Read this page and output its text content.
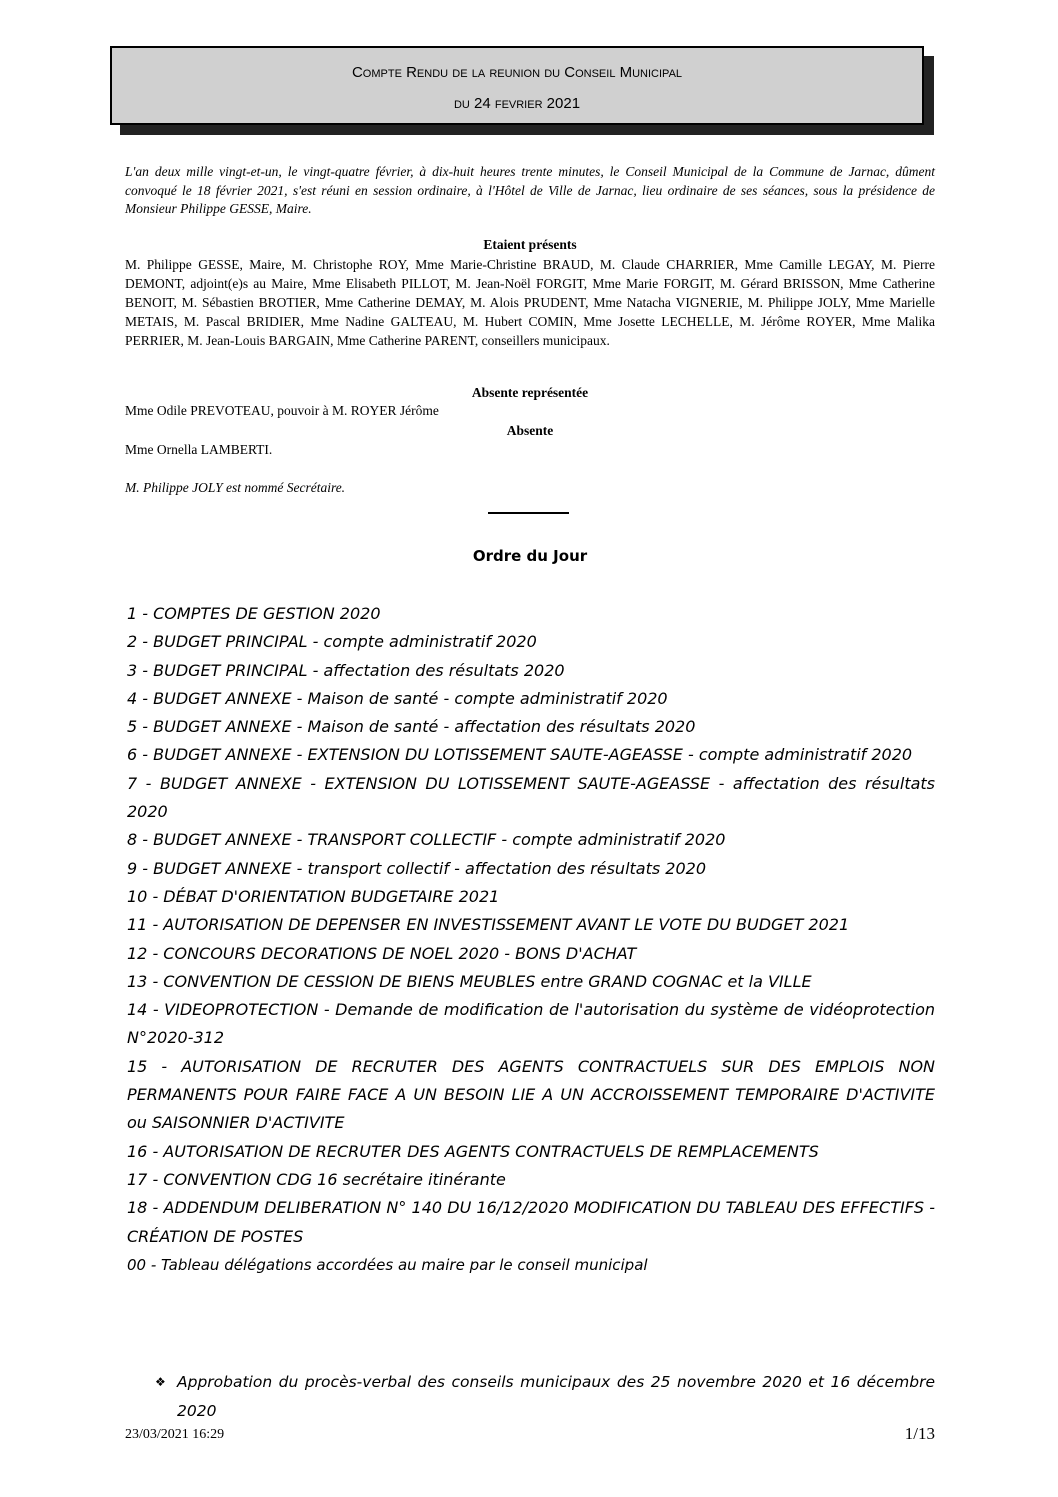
Compte Rendu de la reunion du Conseil Municipal
du 24 fevrier 2021

L'an deux mille vingt-et-un, le vingt-quatre février, à dix-huit heures trente minutes, le Conseil Municipal de la Commune de Jarnac, dûment convoqué le 18 février 2021, s'est réuni en session ordinaire, à l'Hôtel de Ville de Jarnac, lieu ordinaire de ses séances, sous la présidence de Monsieur Philippe GESSE, Maire.

Etaient présents

M. Philippe GESSE, Maire, M. Christophe ROY, Mme Marie-Christine BRAUD, M. Claude CHARRIER, Mme Camille LEGAY, M. Pierre DEMONT, adjoint(e)s au Maire, Mme Elisabeth PILLOT, M. Jean-Noël FORGIT, Mme Marie FORGIT, M. Gérard BRISSON, Mme Catherine BENOIT, M. Sébastien BROTIER, Mme Catherine DEMAY, M. Alois PRUDENT, Mme Natacha VIGNERIE, M. Philippe JOLY, Mme Marielle METAIS, M. Pascal BRIDIER, Mme Nadine GALTEAU, M. Hubert COMIN, Mme Josette LECHELLE, M. Jérôme ROYER, Mme Malika PERRIER, M. Jean-Louis BARGAIN, Mme Catherine PARENT, conseillers municipaux.

Absente représentée
Mme Odile PREVOTEAU, pouvoir à M. ROYER Jérôme
Absente
Mme Ornella LAMBERTI.
M. Philippe JOLY est nommé Secrétaire.
Ordre du Jour
1 - COMPTES DE GESTION 2020
2 - BUDGET PRINCIPAL - compte administratif 2020
3 - BUDGET PRINCIPAL - affectation des résultats 2020
4 - BUDGET ANNEXE - Maison de santé - compte administratif 2020
5 - BUDGET ANNEXE - Maison de santé - affectation des résultats 2020
6 - BUDGET ANNEXE - EXTENSION DU LOTISSEMENT SAUTE-AGEASSE - compte administratif 2020
7 - BUDGET ANNEXE - EXTENSION DU LOTISSEMENT SAUTE-AGEASSE - affectation des résultats 2020
8 - BUDGET ANNEXE - TRANSPORT COLLECTIF - compte administratif 2020
9 - BUDGET ANNEXE - transport collectif - affectation des résultats 2020
10 - DÉBAT D'ORIENTATION BUDGETAIRE 2021
11 - AUTORISATION DE DEPENSER EN INVESTISSEMENT AVANT LE VOTE DU BUDGET 2021
12 - CONCOURS DECORATIONS DE NOEL 2020 - BONS D'ACHAT
13 - CONVENTION DE CESSION DE BIENS MEUBLES entre GRAND COGNAC et la VILLE
14 - VIDEOPROTECTION - Demande de modification de l'autorisation du système de vidéoprotection N°2020-312
15 - AUTORISATION DE RECRUTER DES AGENTS CONTRACTUELS SUR DES EMPLOIS NON PERMANENTS POUR FAIRE FACE A UN BESOIN LIE A UN ACCROISSEMENT TEMPORAIRE D'ACTIVITE ou SAISONNIER D'ACTIVITE
16 - AUTORISATION DE RECRUTER DES AGENTS CONTRACTUELS DE REMPLACEMENTS
17 - CONVENTION CDG 16 secrétaire itinérante
18 - ADDENDUM DELIBERATION N° 140 DU 16/12/2020 MODIFICATION DU TABLEAU DES EFFECTIFS - CRÉATION DE POSTES
00 - Tableau délégations accordées au maire par le conseil municipal
❖ Approbation du procès-verbal des conseils municipaux des 25 novembre 2020 et 16 décembre 2020
23/03/2021 16:29	1/13
